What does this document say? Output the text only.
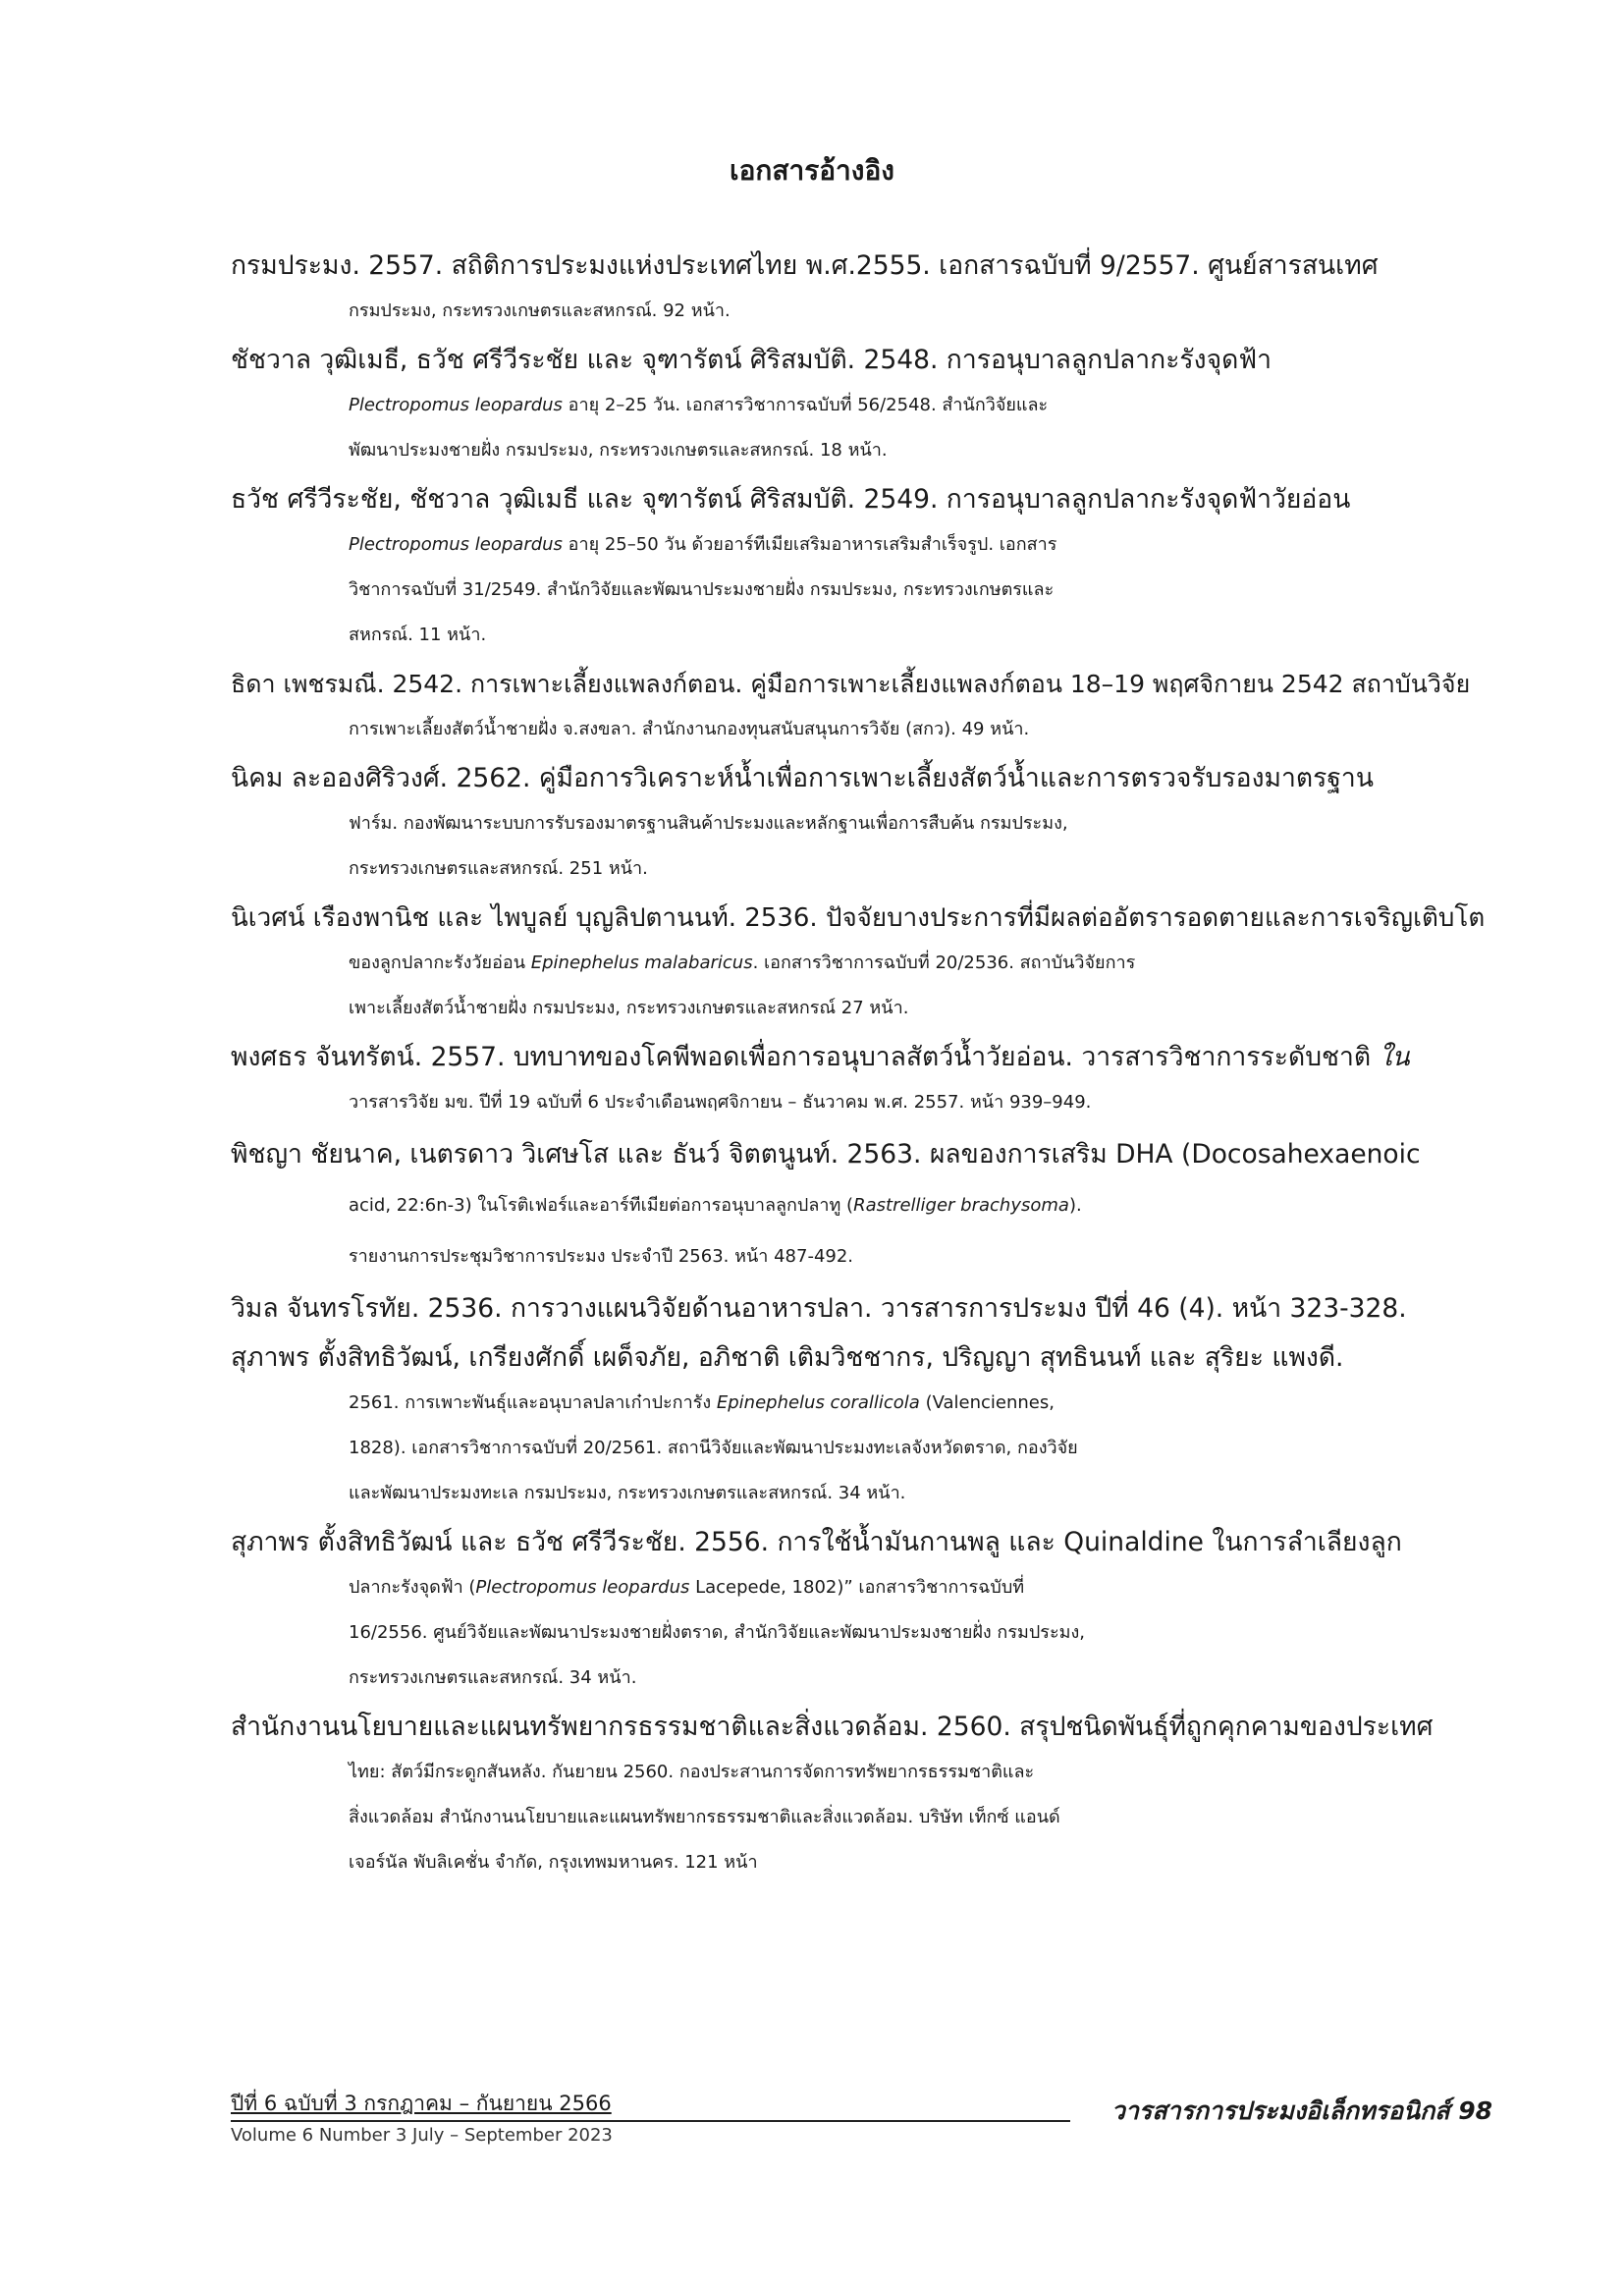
เอกสารอ้างอิง
กรมประมง. 2557. สถิติการประมงแห่งประเทศไทย พ.ศ.2555. เอกสารฉบับที่ 9/2557. ศูนย์สารสนเทศ
กรมประมง, กระทรวงเกษตรและสหกรณ์. 92 หน้า.
ชัชวาล วุฒิเมธี, ธวัช ศรีวีระชัย และ จุฑารัตน์ ศิริสมบัติ. 2548. การอนุบาลลูกปลากะรังจุดฟ้า
Plectropomus leopardus อายุ 2–25 วัน. เอกสารวิชาการฉบับที่ 56/2548. สำนักวิจัยและ
พัฒนาประมงชายฝั่ง กรมประมง, กระทรวงเกษตรและสหกรณ์. 18 หน้า.
ธวัช ศรีวีระชัย, ชัชวาล วุฒิเมธี และ จุฑารัตน์ ศิริสมบัติ. 2549. การอนุบาลลูกปลากะรังจุดฟ้าวัยอ่อน
Plectropomus leopardus อายุ 25–50 วัน ด้วยอาร์ทีเมียเสริมอาหารเสริมสำเร็จรูป. เอกสาร
วิชาการฉบับที่ 31/2549. สำนักวิจัยและพัฒนาประมงชายฝั่ง กรมประมง, กระทรวงเกษตรและ
สหกรณ์. 11 หน้า.
ธิดา เพชรมณี. 2542. การเพาะเลี้ยงแพลงก์ตอน. คู่มือการเพาะเลี้ยงแพลงก์ตอน 18–19 พฤศจิกายน 2542 สถาบันวิจัย
การเพาะเลี้ยงสัตว์น้ำชายฝั่ง จ.สงขลา. สำนักงานกองทุนสนับสนุนการวิจัย (สกว). 49 หน้า.
นิคม ละอองศิริวงศ์. 2562. คู่มือการวิเคราะห์น้ำเพื่อการเพาะเลี้ยงสัตว์น้ำและการตรวจรับรองมาตรฐาน
ฟาร์ม. กองพัฒนาระบบการรับรองมาตรฐานสินค้าประมงและหลักฐานเพื่อการสืบค้น กรมประมง,
กระทรวงเกษตรและสหกรณ์. 251 หน้า.
นิเวศน์ เรืองพานิช และ ไพบูลย์ บุญลิปตานนท์. 2536. ปัจจัยบางประการที่มีผลต่ออัตรารอดตายและการเจริญเติบโต
ของลูกปลากะรังวัยอ่อน Epinephelus malabaricus. เอกสารวิชาการฉบับที่ 20/2536. สถาบันวิจัยการ
เพาะเลี้ยงสัตว์น้ำชายฝั่ง กรมประมง, กระทรวงเกษตรและสหกรณ์ 27 หน้า.
พงศธร จันทรัตน์. 2557. บทบาทของโคพีพอดเพื่อการอนุบาลสัตว์น้ำวัยอ่อน. วารสารวิชาการระดับชาติ ใน
วารสารวิจัย มข. ปีที่ 19 ฉบับที่ 6 ประจำเดือนพฤศจิกายน – ธันวาคม พ.ศ. 2557. หน้า 939–949.
พิชญา ชัยนาค, เนตรดาว วิเศษโส และ ธันว์ จิตตนูนท์. 2563. ผลของการเสริม DHA (Docosahexaenoic
acid, 22:6n-3) ในโรติเฟอร์และอาร์ทีเมียต่อการอนุบาลลูกปลาทู (Rastrelliger brachysoma).
รายงานการประชุมวิชาการประมง ประจำปี 2563. หน้า 487-492.
วิมล จันทรโรทัย. 2536. การวางแผนวิจัยด้านอาหารปลา. วารสารการประมง ปีที่ 46 (4). หน้า 323-328.
สุภาพร ตั้งสิทธิวัฒน์, เกรียงศักดิ์ เผด็จภัย, อภิชาติ เติมวิชชากร, ปริญญา สุทธินนท์ และ สุริยะ แพงดี.
2561. การเพาะพันธุ์และอนุบาลปลาเก๋าปะการัง Epinephelus corallicola (Valenciennes,
1828). เอกสารวิชาการฉบับที่ 20/2561. สถานีวิจัยและพัฒนาประมงทะเลจังหวัดตราด, กองวิจัย
และพัฒนาประมงทะเล กรมประมง, กระทรวงเกษตรและสหกรณ์. 34 หน้า.
สุภาพร ตั้งสิทธิวัฒน์ และ ธวัช ศรีวีระชัย. 2556. การใช้น้ำมันกานพลู และ Quinaldine ในการลำเลียงลูก
ปลากะรังจุดฟ้า (Plectropomus leopardus Lacepede, 1802)” เอกสารวิชาการฉบับที่
16/2556. ศูนย์วิจัยและพัฒนาประมงชายฝั่งตราด, สำนักวิจัยและพัฒนาประมงชายฝั่ง กรมประมง,
กระทรวงเกษตรและสหกรณ์. 34 หน้า.
สำนักงานนโยบายและแผนทรัพยากรธรรมชาติและสิ่งแวดล้อม. 2560. สรุปชนิดพันธุ์ที่ถูกคุกคามของประเทศ
ไทย: สัตว์มีกระดูกสันหลัง. กันยายน 2560. กองประสานการจัดการทรัพยากรธรรมชาติและ
สิ่งแวดล้อม สำนักงานนโยบายและแผนทรัพยากรธรรมชาติและสิ่งแวดล้อม. บริษัท เท็กซ์ แอนด์
เจอร์นัล พับลิเคชั่น จำกัด, กรุงเทพมหานคร. 121 หน้า
ปีที่ 6 ฉบับที่ 3 กรกฎาคม – กันยายน 2566
Volume 6 Number 3 July – September 2023
วารสารการประมงอิเล็กทรอนิกส์ 98
